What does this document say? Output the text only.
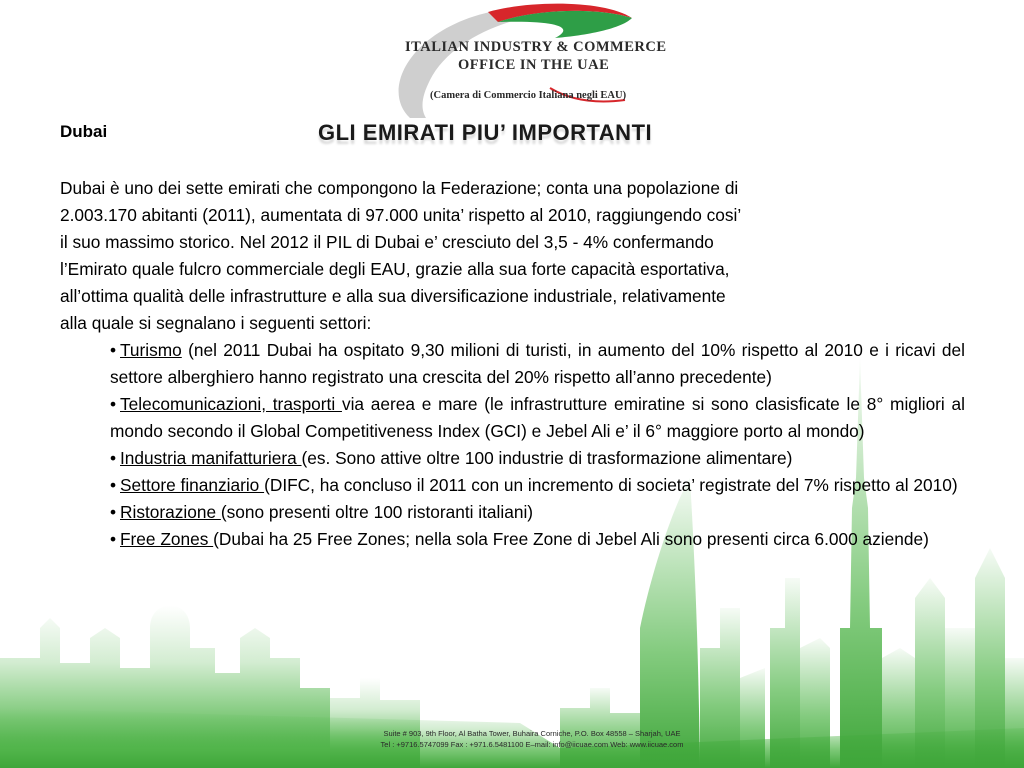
ITALIAN INDUSTRY & COMMERCE
OFFICE IN THE UAE
(Camera di Commercio Italiana negli EAU)
Dubai	GLI EMIRATI PIU’ IMPORTANTI
Dubai è uno dei sette emirati che compongono la Federazione; conta una popolazione di
2.003.170 abitanti (2011), aumentata di 97.000 unita’ rispetto al 2010, raggiungendo cosi’
il suo massimo storico. Nel 2012 il PIL di Dubai e’ cresciuto del 3,5 - 4% confermando
l’Emirato quale fulcro commerciale degli EAU, grazie alla sua forte capacità esportativa,
all’ottima qualità delle infrastrutture e alla sua diversificazione industriale, relativamente
alla quale si segnalano i seguenti settori:
• Turismo (nel 2011 Dubai ha ospitato 9,30 milioni di turisti, in aumento del 10% rispetto al 2010 e i ricavi del settore alberghiero hanno registrato una crescita del 20% rispetto all’anno precedente)
• Telecomunicazioni, trasporti via aerea e mare (le infrastrutture emiratine si sono clasisficate le 8° migliori al mondo secondo il Global Competitiveness Index (GCI) e Jebel Ali e’ il 6° maggiore porto al mondo)
• Industria manifatturiera (es. Sono attive oltre 100 industrie di trasformazione alimentare)
• Settore finanziario (DIFC, ha concluso il 2011 con un incremento di societa’ registrate del 7% rispetto al 2010)
• Ristorazione (sono presenti oltre 100 ristoranti italiani)
• Free Zones (Dubai ha 25 Free Zones; nella sola Free Zone di Jebel Ali sono presenti circa 6.000 aziende)
Suite # 903, 9th Floor, Al Batha Tower, Buhaira Corniche, P.O. Box 48558 – Sharjah, UAE
Tel : +9716.5747099 Fax : +971.6.5481100 E–mail: info@iicuae.com Web: www.iicuae.com
